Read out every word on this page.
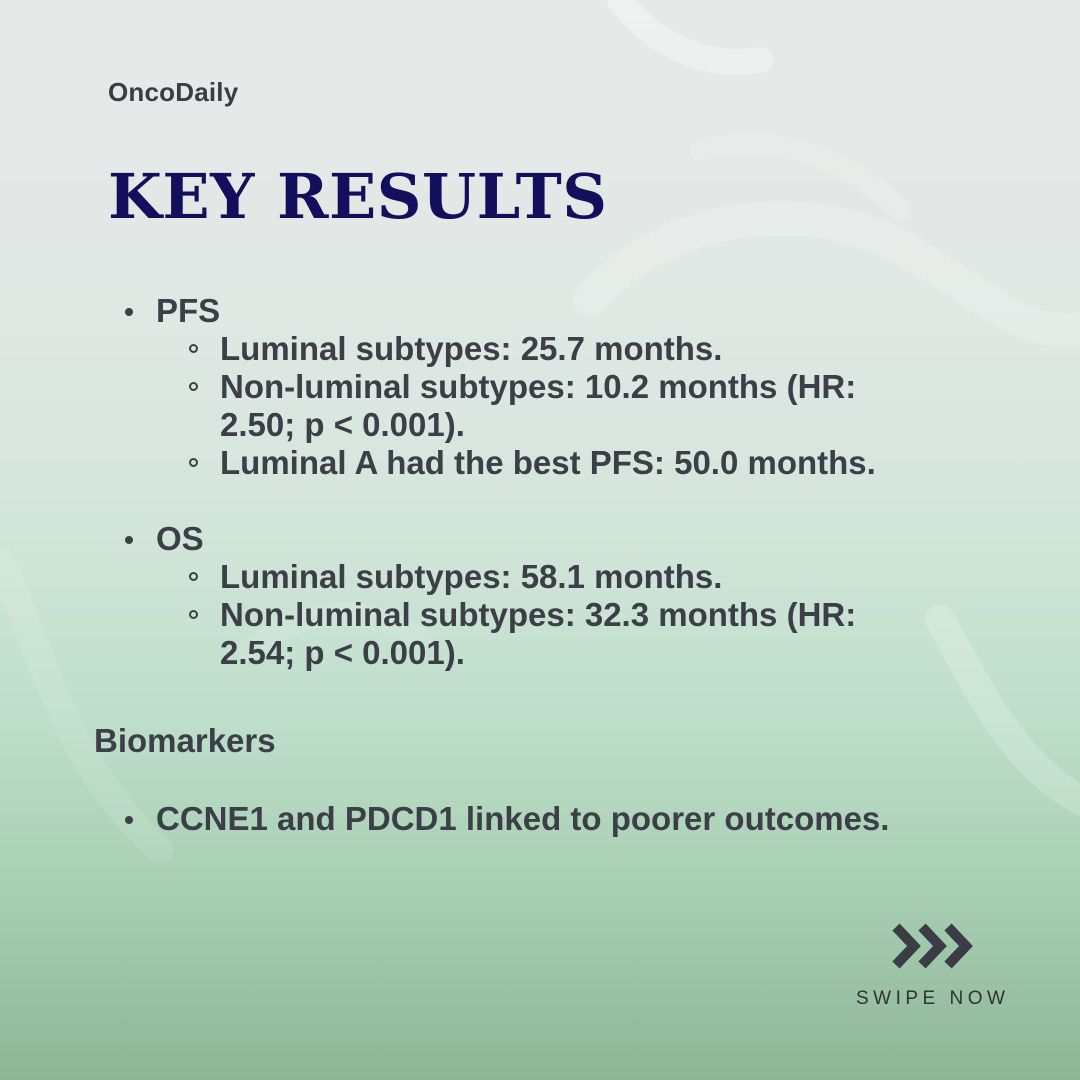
OncoDaily
KEY RESULTS
PFS
Luminal subtypes: 25.7 months.
Non-luminal subtypes: 10.2 months (HR: 2.50; p < 0.001).
Luminal A had the best PFS: 50.0 months.
OS
Luminal subtypes: 58.1 months.
Non-luminal subtypes: 32.3 months (HR: 2.54; p < 0.001).
Biomarkers
CCNE1 and PDCD1 linked to poorer outcomes.
SWIPE NOW
